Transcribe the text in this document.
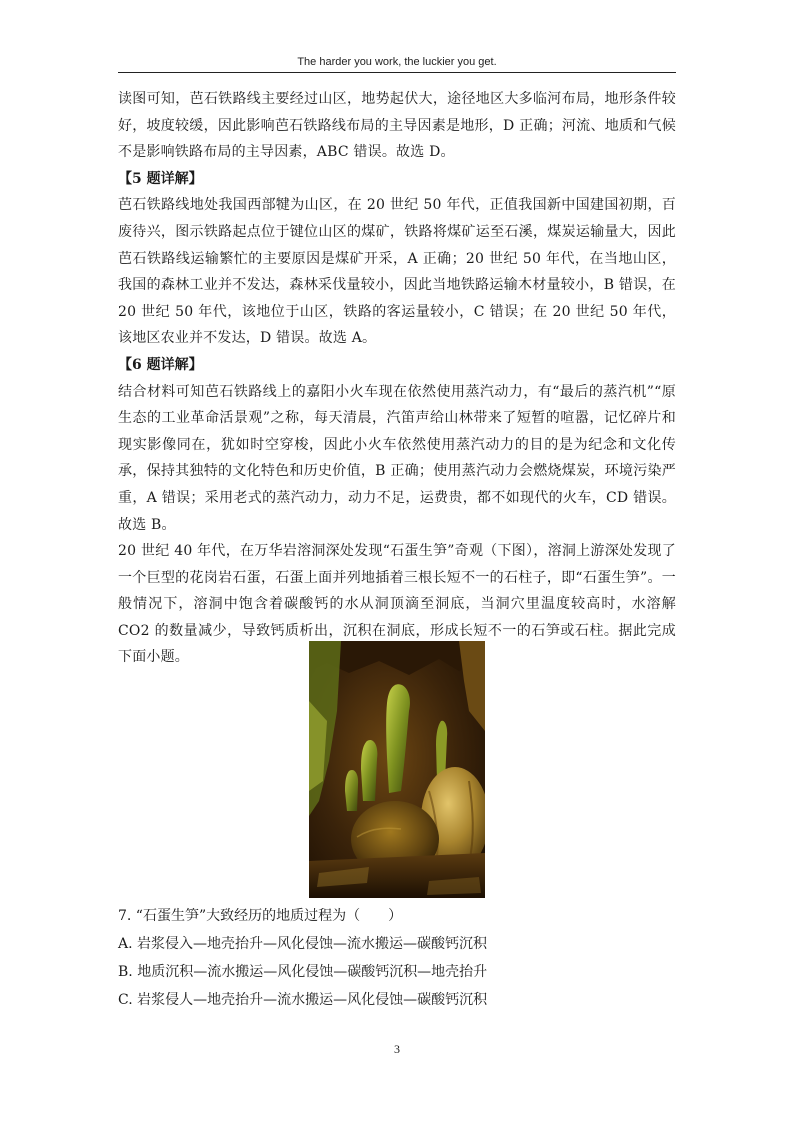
The harder you work, the luckier you get.

读图可知，芭石铁路线主要经过山区，地势起伏大，途径地区大多临河布局，地形条件较好，坡度较缓，因此影响芭石铁路线布局的主导因素是地形，D 正确；河流、地质和气候不是影响铁路布局的主导因素，ABC 错误。故选 D。

【5 题详解】

芭石铁路线地处我国西部犍为山区，在 20 世纪 50 年代，正值我国新中国建国初期，百废待兴，图示铁路起点位于键位山区的煤矿，铁路将煤矿运至石溪，煤炭运输量大，因此芭石铁路线运输繁忙的主要原因是煤矿开采，A 正确；20 世纪 50 年代，在当地山区，我国的森林工业并不发达，森林采伐量较小，因此当地铁路运输木材量较小，B 错误，在 20 世纪 50 年代，该地位于山区，铁路的客运量较小，C 错误；在 20 世纪 50 年代，该地区农业并不发达，D 错误。故选 A。

【6 题详解】

结合材料可知芭石铁路线上的嘉阳小火车现在依然使用蒸汽动力，有“最后的蒸汽机”“原生态的工业革命活景观”之称，每天清晨，汽笛声给山林带来了短暂的喧嚣，记忆碎片和现实影像同在，犹如时空穿梭，因此小火车依然使用蒸汽动力的目的是为纪念和文化传承，保持其独特的文化特色和历史价值，B 正确；使用蒸汽动力会燃烧煤炭，环境污染严重，A 错误；采用老式的蒸汽动力，动力不足，运费贵，都不如现代的火车，CD 错误。故选 B。

20 世纪 40 年代，在万华岩溶洞深处发现“石蛋生笋”奇观（下图），溶洞上游深处发现了一个巨型的花岗岩石蛋，石蛋上面并列地插着三根长短不一的石柱子，即“石蛋生笋”。一般情况下，溶洞中饱含着碳酸钙的水从洞顶滴至洞底，当洞穴里温度较高时，水溶解 CO2 的数量减少，导致钙质析出，沉积在洞底，形成长短不一的石笋或石柱。据此完成下面小题。

7. “石蛋生笋”大致经历的地质过程为（　　）

A. 岩浆侵入—地壳抬升—风化侵蚀—流水搬运—碳酸钙沉积

B. 地质沉积—流水搬运—风化侵蚀—碳酸钙沉积—地壳抬升

C. 岩浆侵人—地壳抬升—流水搬运—风化侵蚀—碳酸钙沉积

3
